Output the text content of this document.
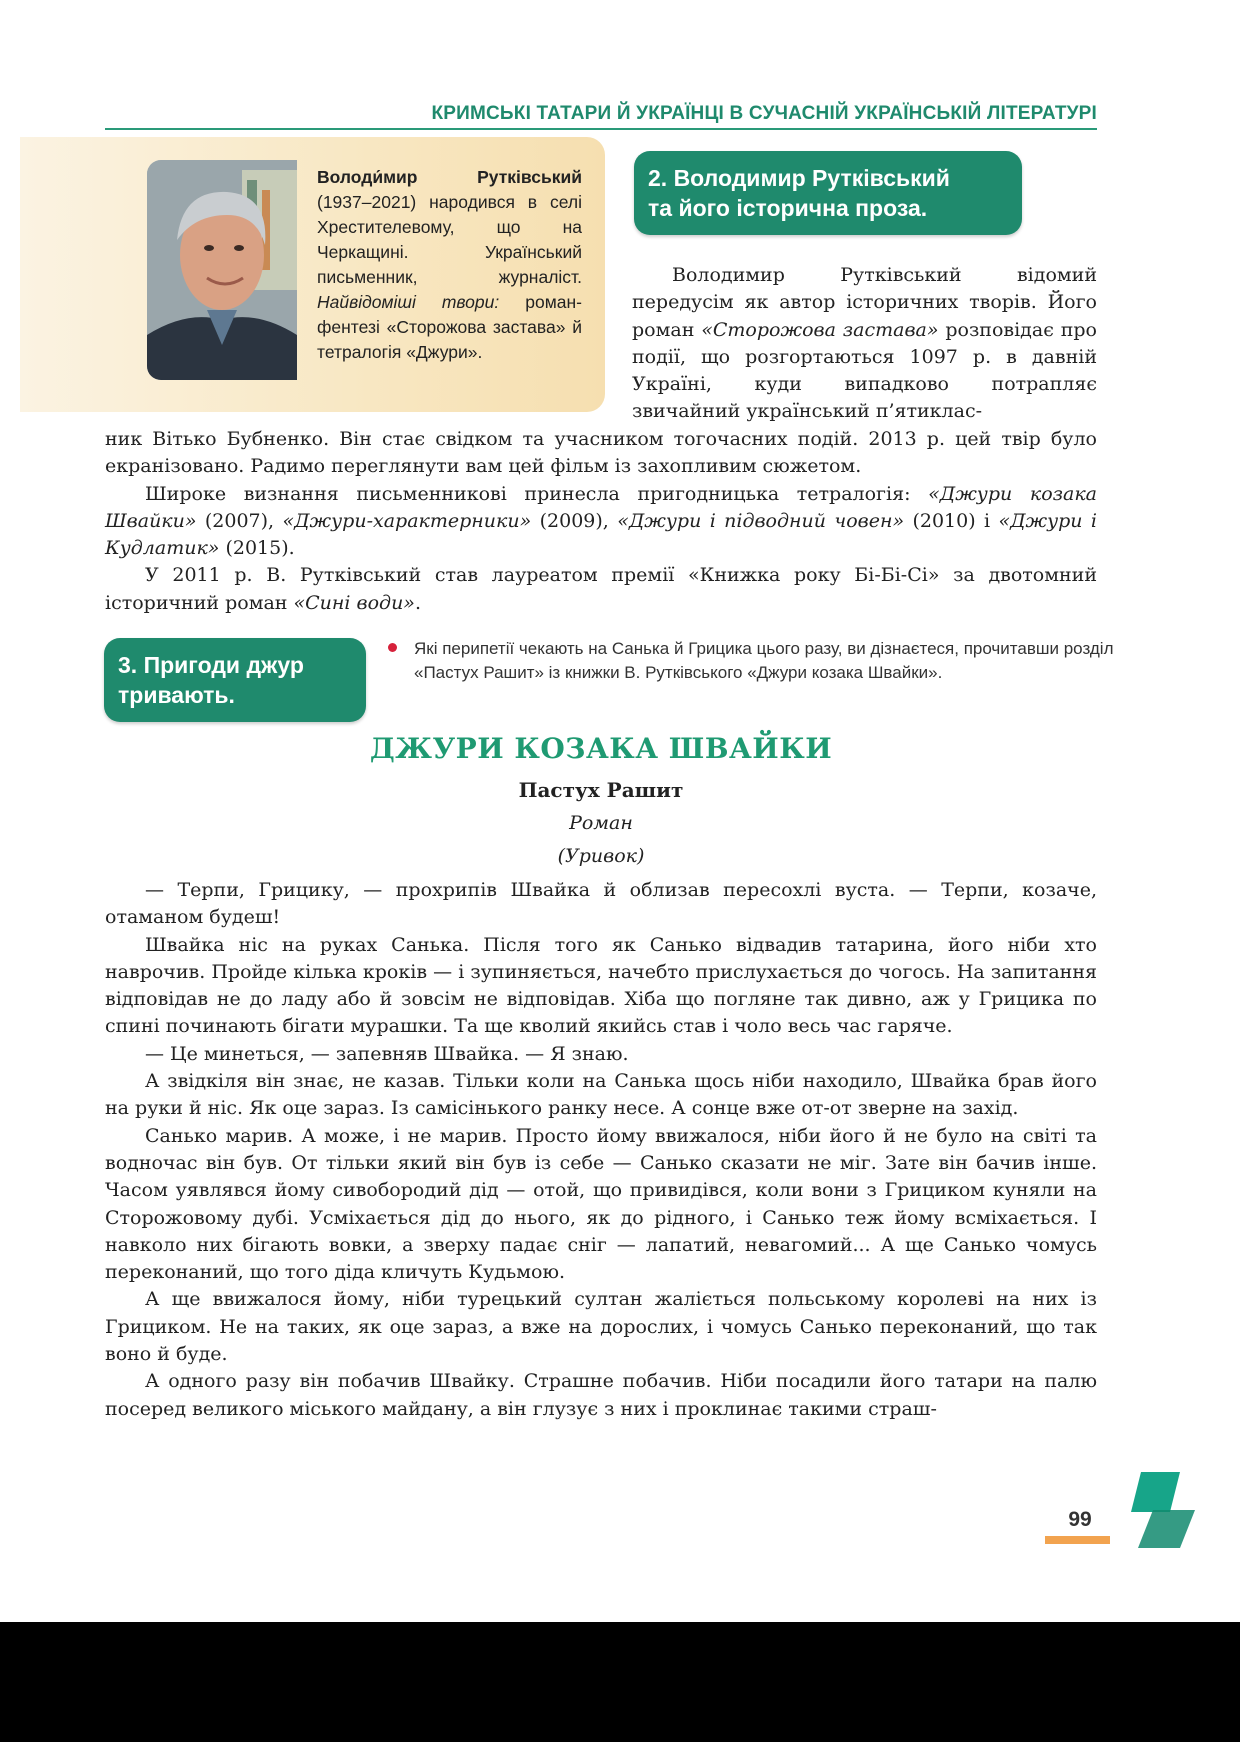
КРИМСЬКІ ТАТАРИ Й УКРАЇНЦІ В СУЧАСНІЙ УКРАЇНСЬКІЙ ЛІТЕРАТУРІ
Володи́мир Рутківський (1937–2021) народився в селі Хрестителевому, що на Черкащині.	Український письменник, журналіст. Найвідоміші твори: роман-фентезі «Сторожова застава» й тетралогія «Джури».
2. Володимир Рутківський
та його історична проза.

Володимир Рутківський відомий передусім як автор історичних творів. Його роман «Сторожова застава» розповідає про події, що розгортаються 1097 р. в давній Україні, куди випадково потрапляє звичайний український п’ятиклас-

ник Вітько Бубненко. Він стає свідком та учасником тогочасних подій. 2013 р. цей твір було екранізовано. Радимо переглянути вам цей фільм із захопливим сюжетом.

Широке визнання письменникові принесла пригодницька тетралогія: «Джури козака Швайки» (2007), «Джури-характерники» (2009), «Джури і підводний човен» (2010) і «Джури і Кудлатик» (2015).

У 2011 р. В. Рутківський став лауреатом премії «Книжка року Бі-Бі-Сі» за двотомний історичний роман «Сині води».

3. Пригоди джур
тривають.
Які перипетії чекають на Санька й Грицика цього разу, ви дізнаєтеся, прочитавши розділ «Пастух Рашит» із книжки В. Рутківського «Джури козака Швайки».
ДЖУРИ КОЗАКА ШВАЙКИ
Пастух Рашит
Роман
(Уривок)

— Терпи, Грицику, — прохрипів Швайка й облизав пересохлі вуста. — Терпи, козаче, отаманом будеш!

Швайка ніс на руках Санька. Після того як Санько відвадив татарина, його ніби хто наврочив. Пройде кілька кроків — і зупиняється, начебто прислухається до чогось. На запитання відповідав не до ладу або й зовсім не відповідав. Хіба що погляне так дивно, аж у Грицика по спині починають бігати мурашки. Та ще кволий якийсь став і чоло весь час гаряче.

— Це минеться, — запевняв Швайка. — Я знаю.

А звідкіля він знає, не казав. Тільки коли на Санька щось ніби находило, Швайка брав його на руки й ніс. Як оце зараз. Із самісінького ранку несе. А сонце вже от-от зверне на захід.

Санько марив. А може, і не марив. Просто йому ввижалося, ніби його й не було на світі та водночас він був. От тільки який він був із себе — Санько сказати не міг. Зате він бачив інше. Часом уявлявся йому сивобородий дід — отой, що привидівся, коли вони з Грициком куняли на Сторожовому дубі. Усміхається дід до нього, як до рідного, і Санько теж йому всміхається. І навколо них бігають вовки, а зверху падає сніг — лапатий, невагомий... А ще Санько чомусь переконаний, що того діда кличуть Кудьмою.

А ще ввижалося йому, ніби турецький султан жаліється польському королеві на них із Грициком. Не на таких, як оце зараз, а вже на дорослих, і чомусь Санько переконаний, що так воно й буде.

А одного разу він побачив Швайку. Страшне побачив. Ніби посадили його татари на палю посеред великого міського майдану, а він глузує з них і проклинає такими страш-

99
